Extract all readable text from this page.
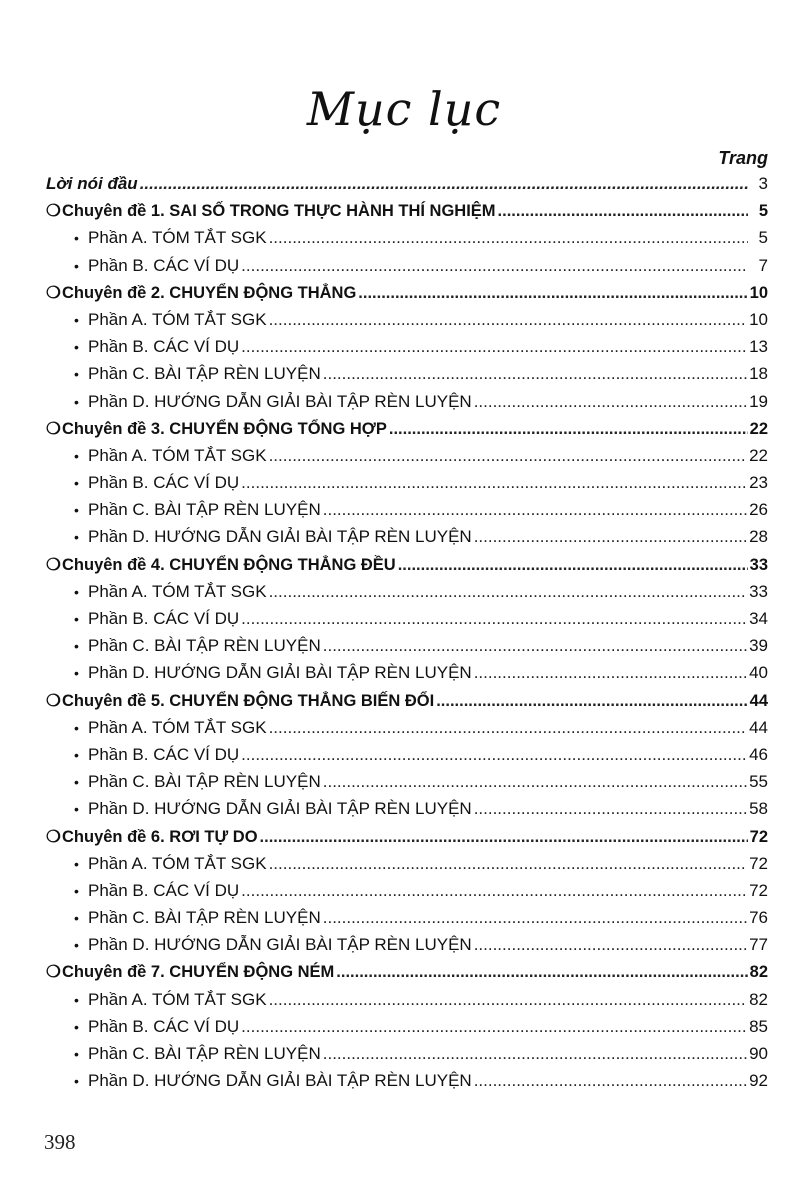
Mục lục
Trang
Lời nói đầu .....	3
❍ Chuyên đề 1. SAI SỐ TRONG THỰC HÀNH THÍ NGHIỆM .....	5
• Phần A. TÓM TẮT SGK .....	5
• Phần B. CÁC VÍ DỤ .....	7
❍ Chuyên đề 2. CHUYỂN ĐỘNG THẲNG .....	10
• Phần A. TÓM TẮT SGK .....	10
• Phần B. CÁC VÍ DỤ .....	13
• Phần C. BÀI TẬP RÈN LUYỆN .....	18
• Phần D. HƯỚNG DẪN GIẢI BÀI TẬP RÈN LUYỆN .....	19
❍ Chuyên đề 3. CHUYỂN ĐỘNG TỔNG HỢP .....	22
• Phần A. TÓM TẮT SGK .....	22
• Phần B. CÁC VÍ DỤ .....	23
• Phần C. BÀI TẬP RÈN LUYỆN .....	26
• Phần D. HƯỚNG DẪN GIẢI BÀI TẬP RÈN LUYỆN .....	28
❍ Chuyên đề 4. CHUYỂN ĐỘNG THẲNG ĐỀU .....	33
• Phần A. TÓM TẮT SGK .....	33
• Phần B. CÁC VÍ DỤ .....	34
• Phần C. BÀI TẬP RÈN LUYỆN .....	39
• Phần D. HƯỚNG DẪN GIẢI BÀI TẬP RÈN LUYỆN .....	40
❍ Chuyên đề 5. CHUYỂN ĐỘNG THẲNG BIẾN ĐỔI .....	44
• Phần A. TÓM TẮT SGK .....	44
• Phần B. CÁC VÍ DỤ .....	46
• Phần C. BÀI TẬP RÈN LUYỆN .....	55
• Phần D. HƯỚNG DẪN GIẢI BÀI TẬP RÈN LUYỆN .....	58
❍ Chuyên đề 6. RƠI TỰ DO .....	72
• Phần A. TÓM TẮT SGK .....	72
• Phần B. CÁC VÍ DỤ .....	72
• Phần C. BÀI TẬP RÈN LUYỆN .....	76
• Phần D. HƯỚNG DẪN GIẢI BÀI TẬP RÈN LUYỆN .....	77
❍ Chuyên đề 7. CHUYỂN ĐỘNG NÉM .....	82
• Phần A. TÓM TẮT SGK .....	82
• Phần B. CÁC VÍ DỤ .....	85
• Phần C. BÀI TẬP RÈN LUYỆN .....	90
• Phần D. HƯỚNG DẪN GIẢI BÀI TẬP RÈN LUYỆN .....	92
398
